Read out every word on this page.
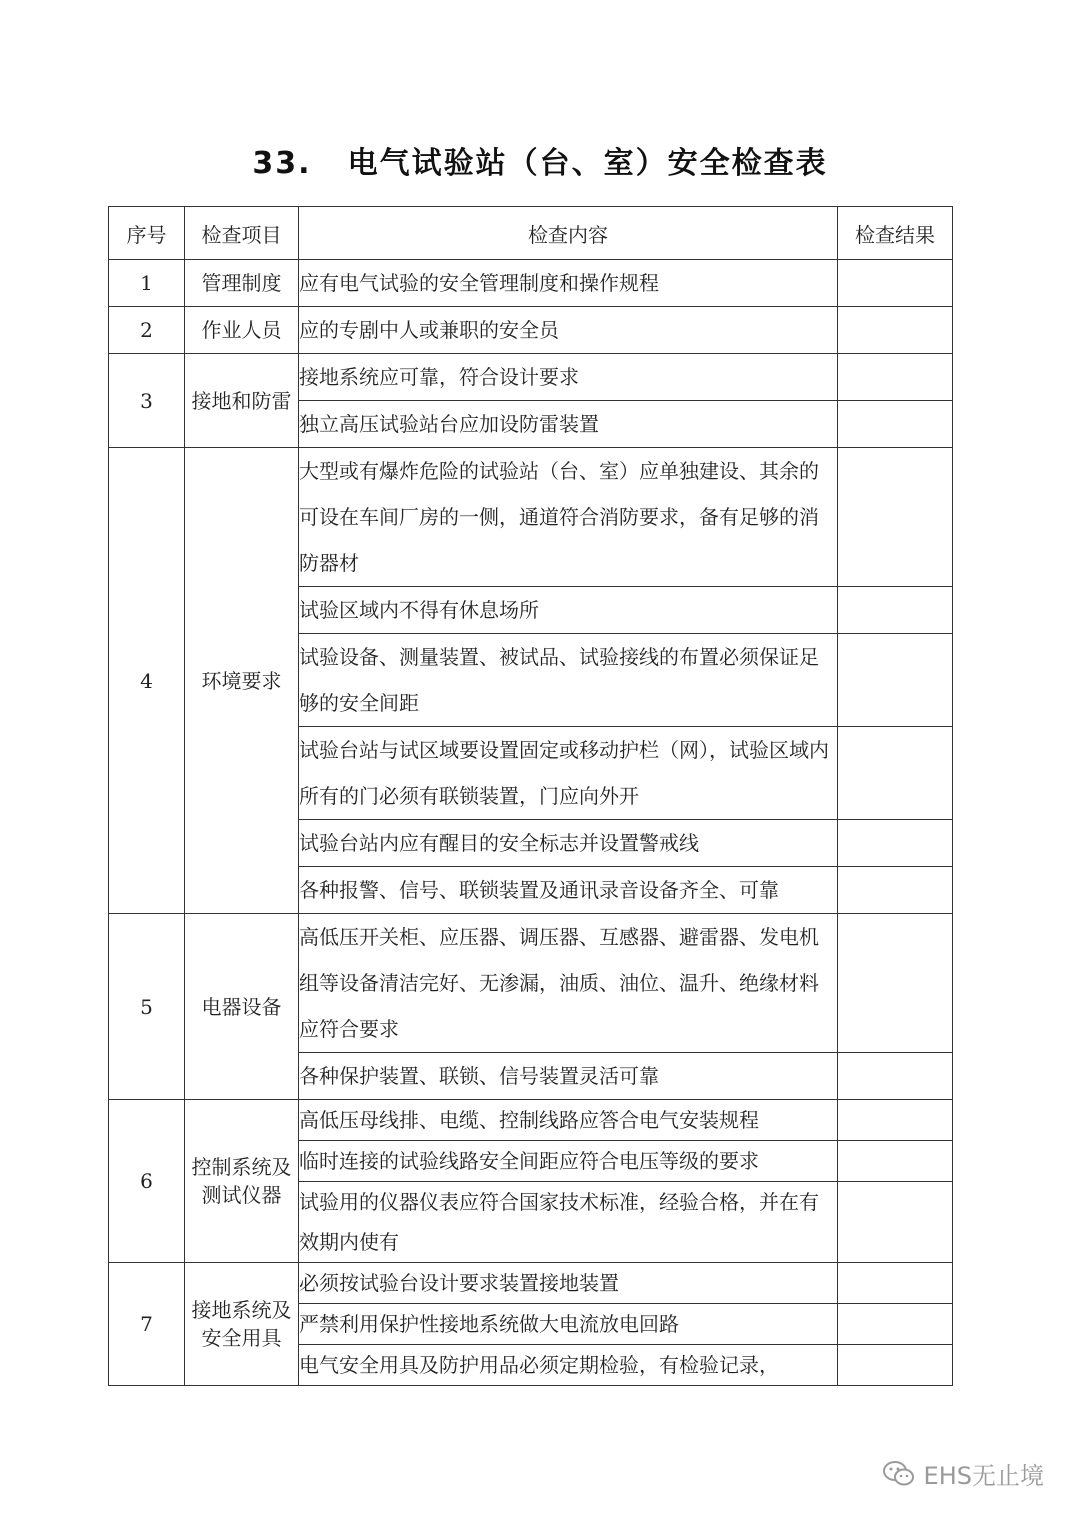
33. 电气试验站（台、室）安全检查表
序号	检查项目	检查内容	检查结果
1	管理制度	应有电气试验的安全管理制度和操作规程	
2	作业人员	应的专剧中人或兼职的安全员	
3	接地和防雷	接地系统应可靠，符合设计要求	
		独立高压试验站台应加设防雷装置	
4	环境要求	大型或有爆炸危险的试验站（台、室）应单独建设、其余的可设在车间厂房的一侧，通道符合消防要求，备有足够的消防器材	
		试验区域内不得有休息场所	
		试验设备、测量装置、被试品、试验接线的布置必须保证足够的安全间距	
		试验台站与试区域要设置固定或移动护栏（网），试验区域内所有的门必须有联锁装置，门应向外开	
		试验台站内应有醒目的安全标志并设置警戒线	
		各种报警、信号、联锁装置及通讯录音设备齐全、可靠	
5	电器设备	高低压开关柜、应压器、调压器、互感器、避雷器、发电机组等设备清洁完好、无渗漏，油质、油位、温升、绝缘材料应符合要求	
		各种保护装置、联锁、信号装置灵活可靠	
6	控制系统及测试仪器	高低压母线排、电缆、控制线路应答合电气安装规程	
		临时连接的试验线路安全间距应符合电压等级的要求	
		试验用的仪器仪表应符合国家技术标准，经验合格，并在有效期内使有	
7	接地系统及安全用具	必须按试验台设计要求装置接地装置	
		严禁利用保护性接地系统做大电流放电回路	
		电气安全用具及防护用品必须定期检验，有检验记录，	
EHS无止境
